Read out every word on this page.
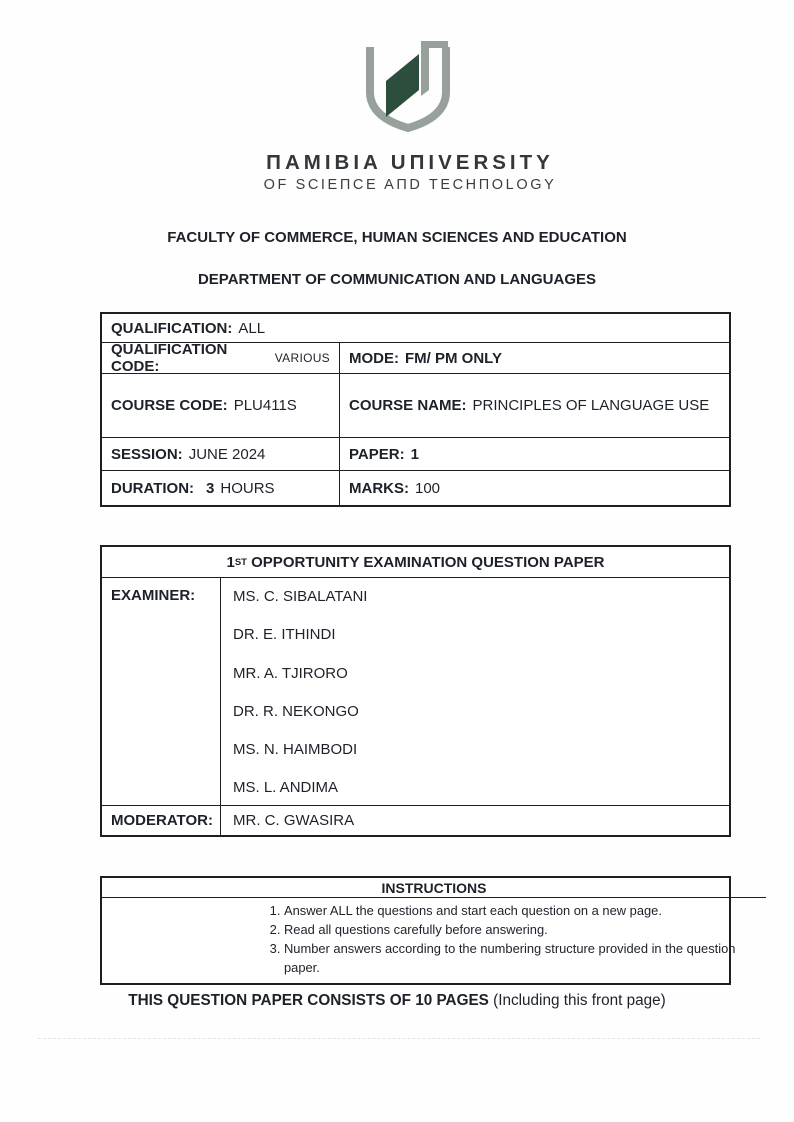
ΠAMIBIA UΠIVERSITY
OF SCIEΠCE AΠD TECHΠOLOGY
FACULTY OF COMMERCE, HUMAN SCIENCES AND EDUCATION
DEPARTMENT OF COMMUNICATION AND LANGUAGES
QUALIFICATION: ALL
QUALIFICATION CODE:	VARIOUS MODE: FM/ PM ONLY
COURSE CODE: PLU411S	COURSE NAME: PRINCIPLES OF LANGUAGE USE
SESSION: JUNE 2024	PAPER: 1
DURATION: 3 HOURS	MARKS: 100
1 ST OPPORTUNITY EXAMINATION QUESTION PAPER
EXAMINER:	MS. C. SIBALATANI
DR. E. ITHINDI
MR. A. TJIRORO
DR. R. NEKONGO
MS. N. HAIMBODI
MS. L. ANDIMA
MODERATOR: MR. C. GWASIRA
INSTRUCTIONS
1. Answer ALL the questions and start each question on a new page.
2. Read all questions carefully before answering.
3. Number answers according to the numbering structure provided in the question paper.
THIS QUESTION PAPER CONSISTS OF 10 PAGES (Including this front page)
